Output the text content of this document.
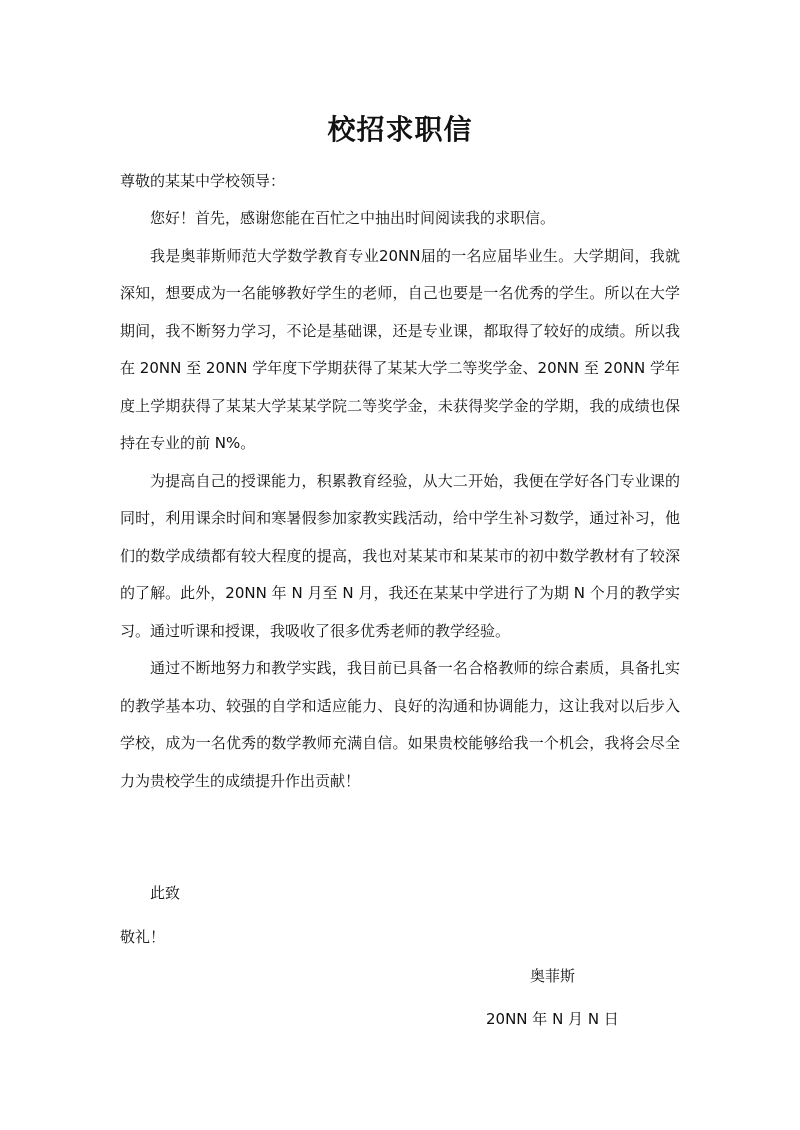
校招求职信

尊敬的某某中学校领导：

您好！首先，感谢您能在百忙之中抽出时间阅读我的求职信。

我是奥菲斯师范大学数学教育专业20NN届的一名应届毕业生。大学期间，我就深知，想要成为一名能够教好学生的老师，自己也要是一名优秀的学生。所以在大学期间，我不断努力学习，不论是基础课，还是专业课，都取得了较好的成绩。所以我在 20NN 至 20NN 学年度下学期获得了某某大学二等奖学金、20NN 至 20NN 学年度上学期获得了某某大学某某学院二等奖学金，未获得奖学金的学期，我的成绩也保持在专业的前 N%。

为提高自己的授课能力，积累教育经验，从大二开始，我便在学好各门专业课的同时，利用课余时间和寒暑假参加家教实践活动，给中学生补习数学，通过补习，他们的数学成绩都有较大程度的提高，我也对某某市和某某市的初中数学教材有了较深的了解。此外，20NN 年 N 月至 N 月，我还在某某中学进行了为期 N 个月的教学实习。通过听课和授课，我吸收了很多优秀老师的教学经验。

通过不断地努力和教学实践，我目前已具备一名合格教师的综合素质，具备扎实的教学基本功、较强的自学和适应能力、良好的沟通和协调能力，这让我对以后步入学校，成为一名优秀的数学教师充满自信。如果贵校能够给我一个机会，我将会尽全力为贵校学生的成绩提升作出贡献！

此致

敬礼！

奥菲斯

20NN 年 N 月 N 日
